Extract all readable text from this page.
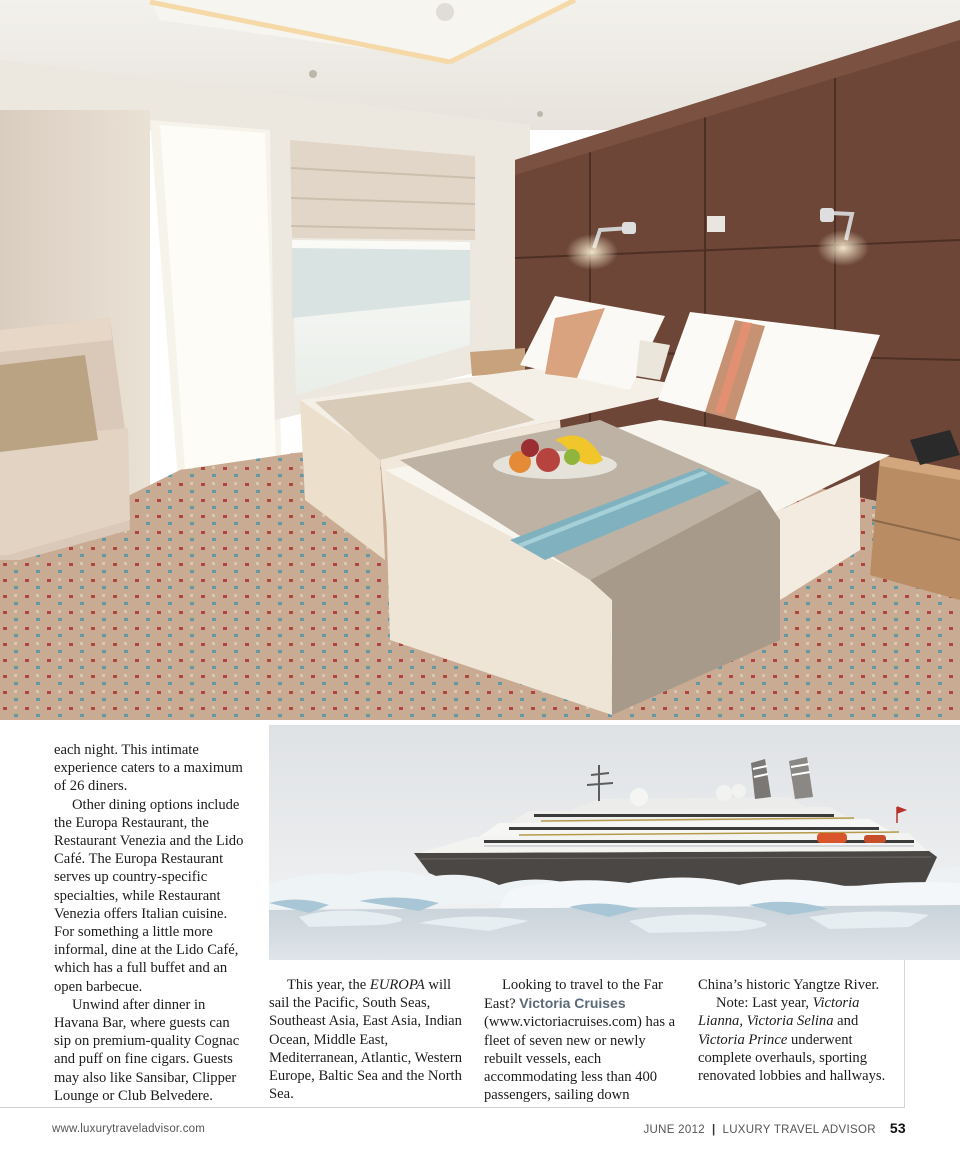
each night. This intimate experience caters to a maximum of 26 diners.

Other dining options include the Europa Restaurant, the Restaurant Venezia and the Lido Café. The Europa Restaurant serves up country-specific specialties, while Restaurant Venezia offers Italian cuisine. For something a little more informal, dine at the Lido Café, which has a full buffet and an open barbecue.

Unwind after dinner in Havana Bar, where guests can sip on premium-quality Cognac and puff on fine cigars. Guests may also like Sansibar, Clipper Lounge or Club Belvedere.

This year, the EUROPA will sail the Pacific, South Seas, Southeast Asia, East Asia, Indian Ocean, Middle East, Mediterranean, Atlantic, Western Europe, Baltic Sea and the North Sea.

Looking to travel to the Far East? Victoria Cruises (www.victoriacruises.com) has a fleet of seven new or newly rebuilt vessels, each accommodating less than 400 passengers, sailing down

China’s historic Yangtze River.

Note: Last year, Victoria Lianna, Victoria Selina and Victoria Prince underwent complete overhauls, sporting renovated lobbies and hallways.

www.luxurytraveladvisor.com	JUNE 2012 | LUXURY TRAVEL ADVISOR 53
